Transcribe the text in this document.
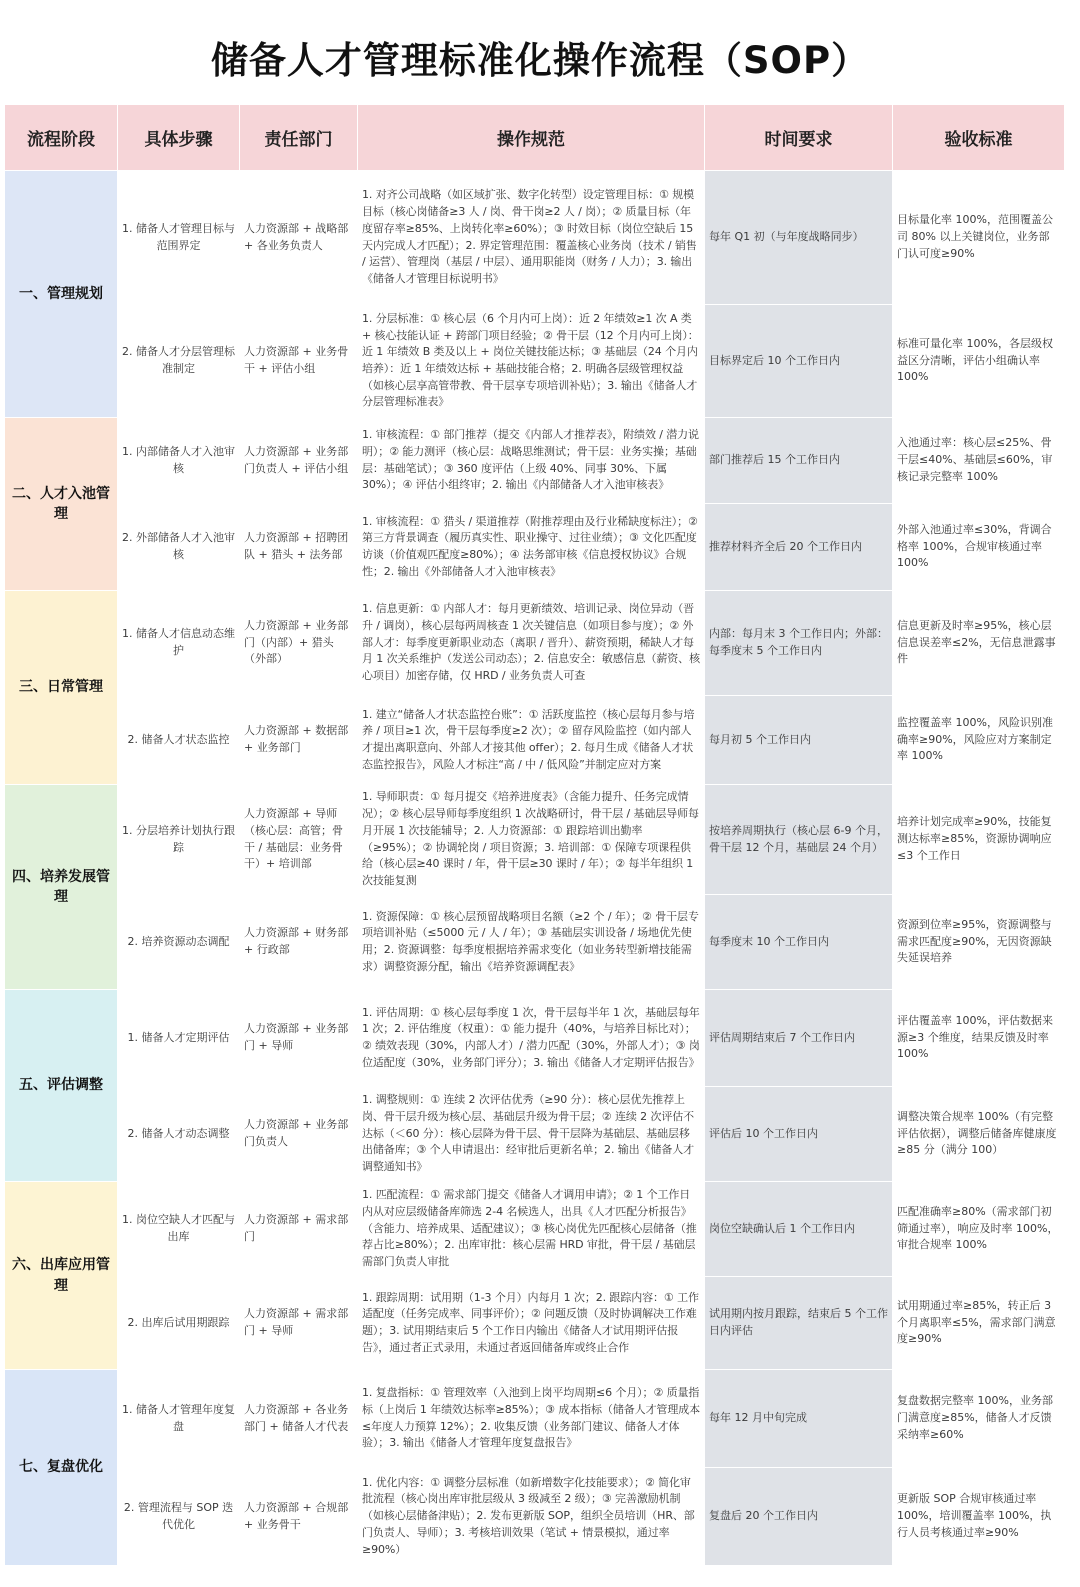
储备人才管理标准化操作流程（SOP）
流程阶段	具体步骤	责任部门	操作规范	时间要求	验收标准

一、管理规划	1. 储备人才管理目标与范围界定	人力资源部 + 战略部 + 各业务负责人	1. 对齐公司战略（如区域扩张、数字化转型）设定管理目标：① 规模目标（核心岗储备≥3 人 / 岗、骨干岗≥2 人 / 岗）；② 质量目标（年度留存率≥85%、上岗转化率≥60%）；③ 时效目标（岗位空缺后 15 天内完成人才匹配）；2. 界定管理范围：覆盖核心业务岗（技术 / 销售 / 运营）、管理岗（基层 / 中层）、通用职能岗（财务 / 人力）；3. 输出《储备人才管理目标说明书》	每年 Q1 初（与年度战略同步）	目标量化率 100%，范围覆盖公司 80% 以上关键岗位，业务部门认可度≥90%
	2. 储备人才分层管理标准制定	人力资源部 + 业务骨干 + 评估小组	1. 分层标准：① 核心层（6 个月内可上岗）：近 2 年绩效≥1 次 A 类 + 核心技能认证 + 跨部门项目经验；② 骨干层（12 个月内可上岗）：近 1 年绩效 B 类及以上 + 岗位关键技能达标；③ 基础层（24 个月内培养）：近 1 年绩效达标 + 基础技能合格；2. 明确各层级管理权益（如核心层享高管带教、骨干层享专项培训补贴）；3. 输出《储备人才分层管理标准表》	目标界定后 10 个工作日内	标准可量化率 100%，各层级权益区分清晰，评估小组确认率 100%

二、人才入池管理	1. 内部储备人才入池审核	人力资源部 + 业务部门负责人 + 评估小组	1. 审核流程：① 部门推荐（提交《内部人才推荐表》，附绩效 / 潜力说明）；② 能力测评（核心层：战略思维测试；骨干层：业务实操；基础层：基础笔试）；③ 360 度评估（上级 40%、同事 30%、下属 30%）；④ 评估小组终审；2. 输出《内部储备人才入池审核表》	部门推荐后 15 个工作日内	入池通过率：核心层≤25%、骨干层≤40%、基础层≤60%，审核记录完整率 100%
	2. 外部储备人才入池审核	人力资源部 + 招聘团队 + 猎头 + 法务部	1. 审核流程：① 猎头 / 渠道推荐（附推荐理由及行业稀缺度标注）；② 第三方背景调查（履历真实性、职业操守、过往业绩）；③ 文化匹配度访谈（价值观匹配度≥80%）；④ 法务部审核《信息授权协议》合规性；2. 输出《外部储备人才入池审核表》	推荐材料齐全后 20 个工作日内	外部入池通过率≤30%，背调合格率 100%，合规审核通过率 100%

三、日常管理	1. 储备人才信息动态维护	人力资源部 + 业务部门（内部）+ 猎头（外部）	1. 信息更新：① 内部人才：每月更新绩效、培训记录、岗位异动（晋升 / 调岗），核心层每两周核查 1 次关键信息（如项目参与度）；② 外部人才：每季度更新职业动态（离职 / 晋升）、薪资预期，稀缺人才每月 1 次关系维护（发送公司动态）；2. 信息安全：敏感信息（薪资、核心项目）加密存储，仅 HRD / 业务负责人可查	内部：每月末 3 个工作日内；外部：每季度末 5 个工作日内	信息更新及时率≥95%，核心层信息误差率≤2%，无信息泄露事件
	2. 储备人才状态监控	人力资源部 + 数据部 + 业务部门	1. 建立“储备人才状态监控台账”：① 活跃度监控（核心层每月参与培养 / 项目≥1 次，骨干层每季度≥2 次）；② 留存风险监控（如内部人才提出离职意向、外部人才接其他 offer）；2. 每月生成《储备人才状态监控报告》，风险人才标注“高 / 中 / 低风险”并制定应对方案	每月初 5 个工作日内	监控覆盖率 100%，风险识别准确率≥90%，风险应对方案制定率 100%

四、培养发展管理	1. 分层培养计划执行跟踪	人力资源部 + 导师（核心层：高管；骨干 / 基础层：业务骨干）+ 培训部	1. 导师职责：① 每月提交《培养进度表》（含能力提升、任务完成情况）；② 核心层导师每季度组织 1 次战略研讨，骨干层 / 基础层导师每月开展 1 次技能辅导；2. 人力资源部：① 跟踪培训出勤率（≥95%）；② 协调轮岗 / 项目资源；3. 培训部：① 保障专项课程供给（核心层≥40 课时 / 年，骨干层≥30 课时 / 年）；② 每半年组织 1 次技能复测	按培养周期执行（核心层 6-9 个月，骨干层 12 个月，基础层 24 个月）	培养计划完成率≥90%，技能复测达标率≥85%，资源协调响应≤3 个工作日
	2. 培养资源动态调配	人力资源部 + 财务部 + 行政部	1. 资源保障：① 核心层预留战略项目名额（≥2 个 / 年）；② 骨干层专项培训补贴（≤5000 元 / 人 / 年）；③ 基础层实训设备 / 场地优先使用；2. 资源调整：每季度根据培养需求变化（如业务转型新增技能需求）调整资源分配，输出《培养资源调配表》	每季度末 10 个工作日内	资源到位率≥95%，资源调整与需求匹配度≥90%，无因资源缺失延误培养

五、评估调整	1. 储备人才定期评估	人力资源部 + 业务部门 + 导师	1. 评估周期：① 核心层每季度 1 次，骨干层每半年 1 次，基础层每年 1 次；2. 评估维度（权重）：① 能力提升（40%，与培养目标比对）；② 绩效表现（30%，内部人才）/ 潜力匹配（30%，外部人才）；③ 岗位适配度（30%，业务部门评分）；3. 输出《储备人才定期评估报告》	评估周期结束后 7 个工作日内	评估覆盖率 100%，评估数据来源≥3 个维度，结果反馈及时率 100%
	2. 储备人才动态调整	人力资源部 + 业务部门负责人	1. 调整规则：① 连续 2 次评估优秀（≥90 分）：核心层优先推荐上岗、骨干层升级为核心层、基础层升级为骨干层；② 连续 2 次评估不达标（＜60 分）：核心层降为骨干层、骨干层降为基础层、基础层移出储备库；③ 个人申请退出：经审批后更新名单；2. 输出《储备人才调整通知书》	评估后 10 个工作日内	调整决策合规率 100%（有完整评估依据），调整后储备库健康度≥85 分（满分 100）

六、出库应用管理	1. 岗位空缺人才匹配与出库	人力资源部 + 需求部门	1. 匹配流程：① 需求部门提交《储备人才调用申请》；② 1 个工作日内从对应层级储备库筛选 2-4 名候选人，出具《人才匹配分析报告》（含能力、培养成果、适配建议）；③ 核心岗优先匹配核心层储备（推荐占比≥80%）；2. 出库审批：核心层需 HRD 审批，骨干层 / 基础层需部门负责人审批	岗位空缺确认后 1 个工作日内	匹配准确率≥80%（需求部门初筛通过率），响应及时率 100%，审批合规率 100%
	2. 出库后试用期跟踪	人力资源部 + 需求部门 + 导师	1. 跟踪周期：试用期（1-3 个月）内每月 1 次；2. 跟踪内容：① 工作适配度（任务完成率、同事评价）；② 问题反馈（及时协调解决工作难题）；3. 试用期结束后 5 个工作日内输出《储备人才试用期评估报告》，通过者正式录用，未通过者返回储备库或终止合作	试用期内按月跟踪，结束后 5 个工作日内评估	试用期通过率≥85%，转正后 3 个月离职率≤5%，需求部门满意度≥90%

七、复盘优化	1. 储备人才管理年度复盘	人力资源部 + 各业务部门 + 储备人才代表	1. 复盘指标：① 管理效率（入池到上岗平均周期≤6 个月）；② 质量指标（上岗后 1 年绩效达标率≥85%）；③ 成本指标（储备人才管理成本≤年度人力预算 12%）；2. 收集反馈（业务部门建议、储备人才体验）；3. 输出《储备人才管理年度复盘报告》	每年 12 月中旬完成	复盘数据完整率 100%，业务部门满意度≥85%，储备人才反馈采纳率≥60%
	2. 管理流程与 SOP 迭代优化	人力资源部 + 合规部 + 业务骨干	1. 优化内容：① 调整分层标准（如新增数字化技能要求）；② 简化审批流程（核心岗出库审批层级从 3 级减至 2 级）；③ 完善激励机制（如核心层储备津贴）；2. 发布更新版 SOP，组织全员培训（HR、部门负责人、导师）；3. 考核培训效果（笔试 + 情景模拟，通过率≥90%）	复盘后 20 个工作日内	更新版 SOP 合规审核通过率 100%，培训覆盖率 100%，执行人员考核通过率≥90%
